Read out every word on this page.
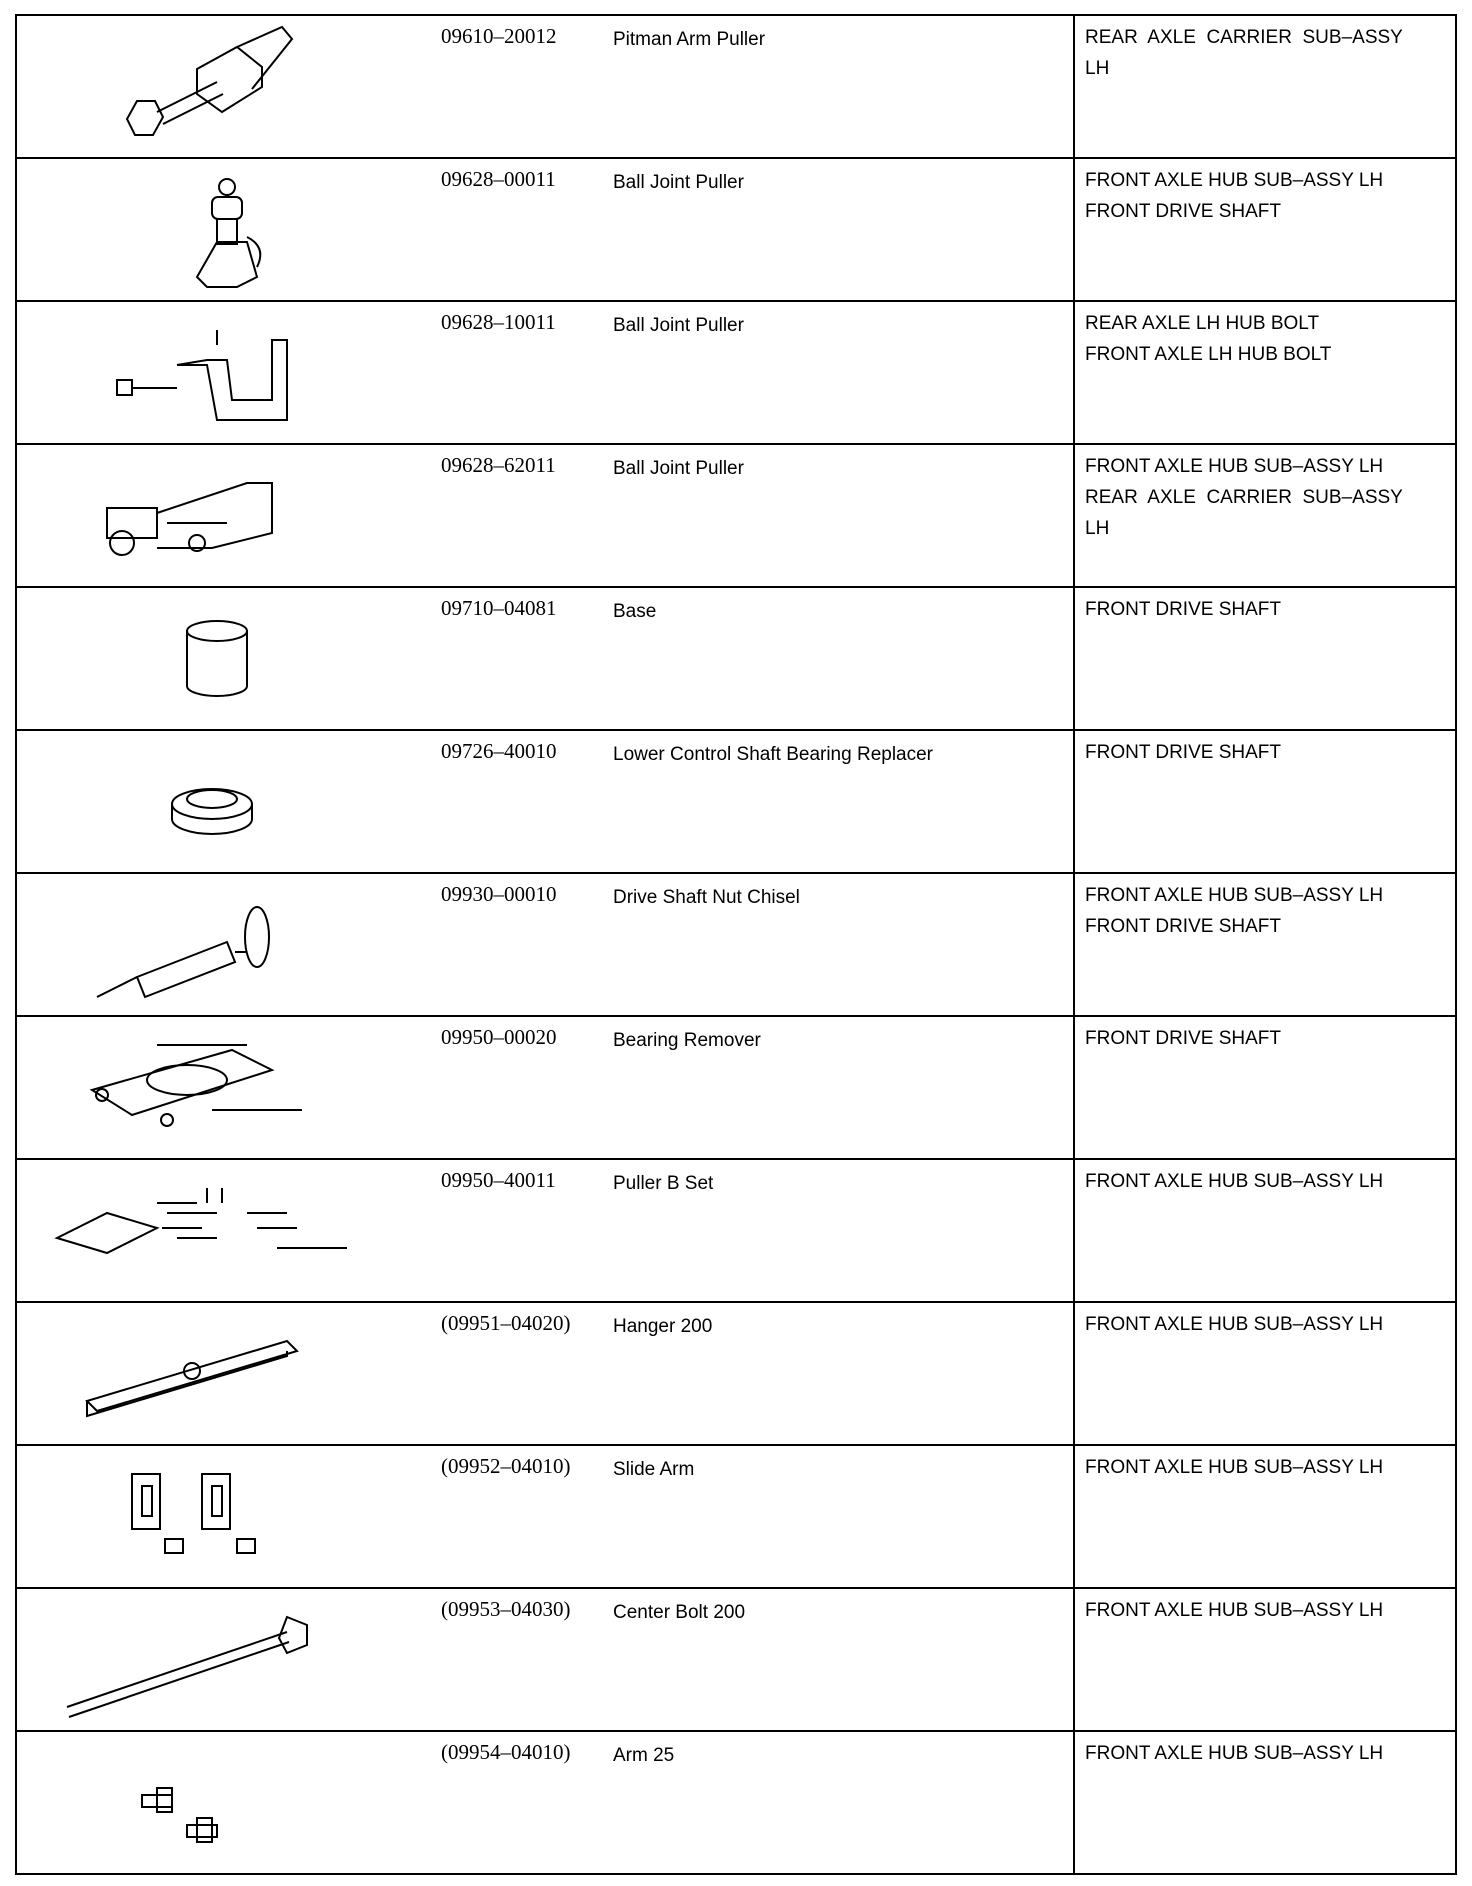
	09610–20012	Pitman Arm Puller	REAR  AXLE  CARRIER  SUB–ASSY
LH

	09628–00011	Ball Joint Puller	FRONT AXLE HUB SUB–ASSY LH
FRONT DRIVE SHAFT

	09628–10011	Ball Joint Puller	REAR AXLE LH HUB BOLT
FRONT AXLE LH HUB BOLT

	09628–62011	Ball Joint Puller	FRONT AXLE HUB SUB–ASSY LH
REAR  AXLE  CARRIER  SUB–ASSY
LH

	09710–04081	Base	FRONT DRIVE SHAFT

	09726–40010	Lower Control Shaft Bearing Replacer	FRONT DRIVE SHAFT

	09930–00010	Drive Shaft Nut Chisel	FRONT AXLE HUB SUB–ASSY LH
FRONT DRIVE SHAFT

	09950–00020	Bearing Remover	FRONT DRIVE SHAFT

	09950–40011	Puller B Set	FRONT AXLE HUB SUB–ASSY LH

	(09951–04020)	Hanger 200	FRONT AXLE HUB SUB–ASSY LH

	(09952–04010)	Slide Arm	FRONT AXLE HUB SUB–ASSY LH

	(09953–04030)	Center Bolt 200	FRONT AXLE HUB SUB–ASSY LH

	(09954–04010)	Arm 25	FRONT AXLE HUB SUB–ASSY LH
